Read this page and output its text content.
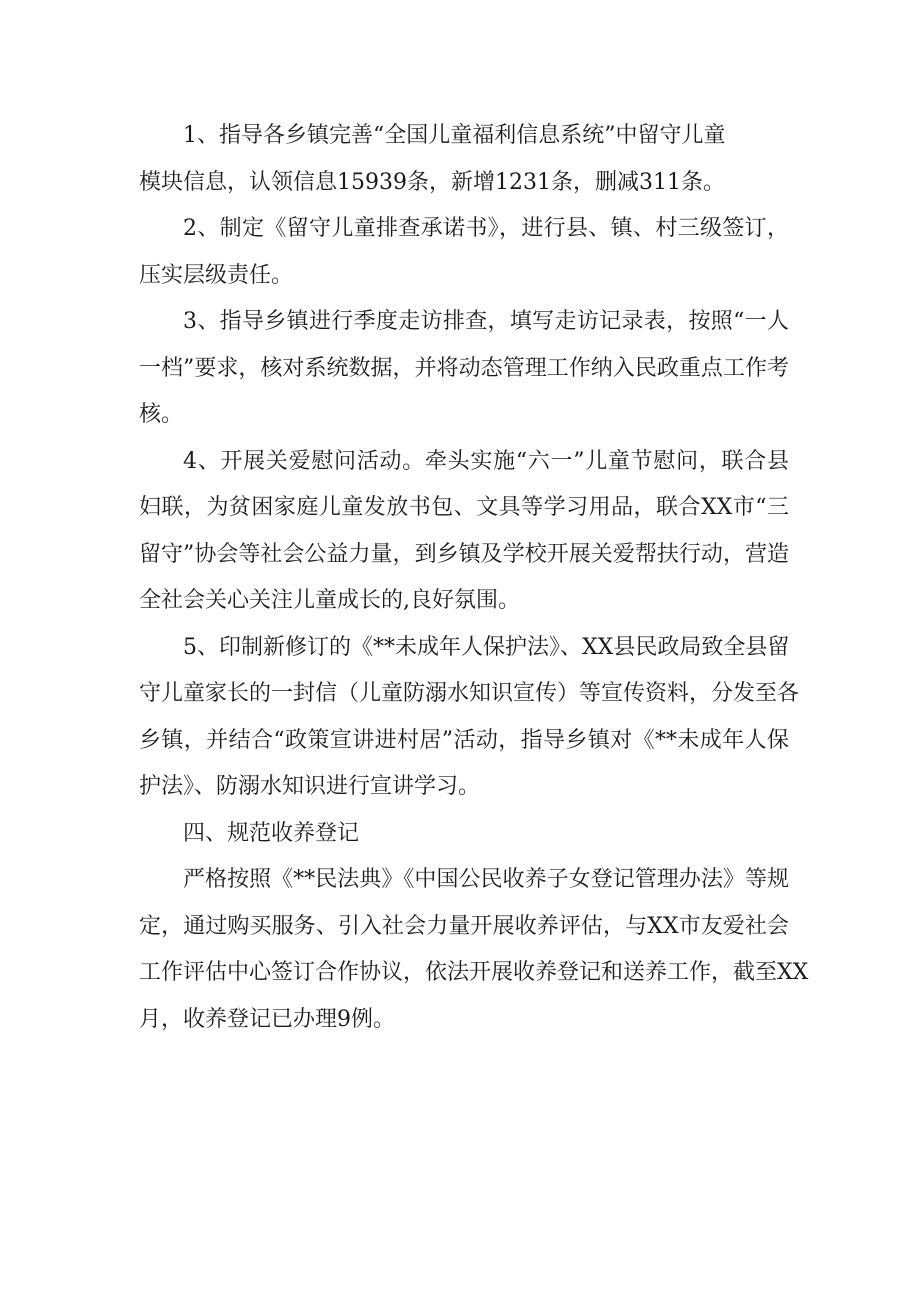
1、指导各乡镇完善“全国儿童福利信息系统”中留守儿童
模块信息，认领信息15939条，新增1231条，删减311条。
2、制定《留守儿童排查承诺书》，进行县、镇、村三级签订，
压实层级责任。
3、指导乡镇进行季度走访排查，填写走访记录表，按照“一人
一档”要求，核对系统数据，并将动态管理工作纳入民政重点工作考
核。
4、开展关爱慰问活动。牵头实施“六一”儿童节慰问，联合县
妇联，为贫困家庭儿童发放书包、文具等学习用品，联合XX市“三
留守”协会等社会公益力量，到乡镇及学校开展关爱帮扶行动，营造
全社会关心关注儿童成长的,良好氛围。
5、印制新修订的《**未成年人保护法》、XX县民政局致全县留
守儿童家长的一封信（儿童防溺水知识宣传）等宣传资料，分发至各
乡镇，并结合“政策宣讲进村居”活动，指导乡镇对《**未成年人保
护法》、防溺水知识进行宣讲学习。
四、规范收养登记
严格按照《**民法典》《中国公民收养子女登记管理办法》等规
定，通过购买服务、引入社会力量开展收养评估，与XX市友爱社会
工作评估中心签订合作协议，依法开展收养登记和送养工作，截至XX
月，收养登记已办理9例。
